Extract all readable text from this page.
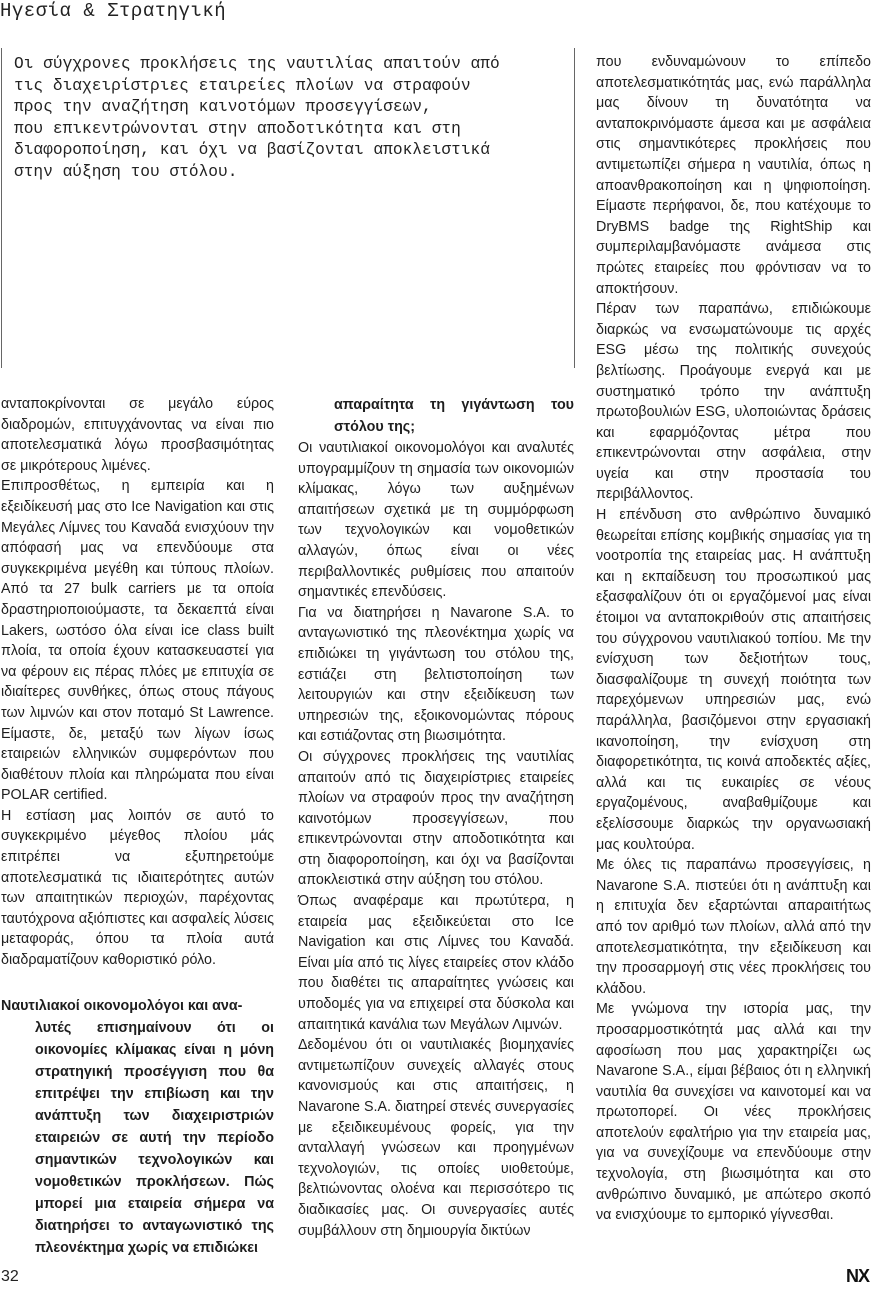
Ηγεσία & Στρατηγική

Οι σύγχρονες προκλήσεις της ναυτιλίας απαιτούν από

τις διαχειρίστριες εταιρείες πλοίων να στραφούν

προς την αναζήτηση καινοτόμων προσεγγίσεων,

που επικεντρώνονται στην αποδοτικότητα και στη

διαφοροποίηση, και όχι να βασίζονται αποκλειστικά

στην αύξηση του στόλου.

ανταποκρίνονται σε μεγάλο εύρος διαδρομών, επιτυγχάνοντας να είναι πιο αποτελεσματικά λόγω προσβασιμότητας σε μικρότερους λιμένες.

Επιπροσθέτως, η εμπειρία και η εξειδίκευσή μας στο Ice Navigation και στις Μεγάλες Λίμνες του Καναδά ενισχύουν την απόφασή μας να επενδύουμε στα συγκεκριμένα μεγέθη και τύπους πλοίων. Από τα 27 bulk carriers με τα οποία δραστηριοποιούμαστε, τα δεκαεπτά είναι Lakers, ωστόσο όλα είναι ice class built πλοία, τα οποία έχουν κατασκευαστεί για να φέρουν εις πέρας πλόες με επιτυχία σε ιδιαίτερες συνθήκες, όπως στους πάγους των λιμνών και στον ποταμό St Lawrence. Είμαστε, δε, μεταξύ των λίγων ίσως εταιρειών ελληνικών συμφερόντων που διαθέτουν πλοία και πληρώματα που είναι POLAR certified.

Η εστίαση μας λοιπόν σε αυτό το συγκεκριμένο μέγεθος πλοίου μάς επιτρέπει να εξυπηρετούμε αποτελεσματικά τις ιδιαιτερότητες αυτών των απαιτητικών περιοχών, παρέχοντας ταυτόχρονα αξιόπιστες και ασφαλείς λύσεις μεταφοράς, όπου τα πλοία αυτά διαδραματίζουν καθοριστικό ρόλο.

Ναυτιλιακοί οικονομολόγοι και ανα-
λυτές επισημαίνουν ότι οι οικονομίες κλίμακας είναι η μόνη στρατηγική προσέγγιση που θα επιτρέψει την επιβίωση και την ανάπτυξη των διαχειριστριών εταιρειών σε αυτή την περίοδο σημαντικών τεχνολογικών και νομοθετικών προκλήσεων. Πώς μπορεί μια εταιρεία σήμερα να διατηρήσει το ανταγωνιστικό της πλεονέκτημα χωρίς να επιδιώκει
απαραίτητα τη γιγάντωση του στόλου της;

Οι ναυτιλιακοί οικονομολόγοι και αναλυτές υπογραμμίζουν τη σημασία των οικονομιών κλίμακας, λόγω των αυξημένων απαιτήσεων σχετικά με τη συμμόρφωση των τεχνολογικών και νομοθετικών αλλαγών, όπως είναι οι νέες περιβαλλοντικές ρυθμίσεις που απαιτούν σημαντικές επενδύσεις.

Για να διατηρήσει η Navarone S.A. το ανταγωνιστικό της πλεονέκτημα χωρίς να επιδιώκει τη γιγάντωση του στόλου της, εστιάζει στη βελτιστοποίηση των λειτουργιών και στην εξειδίκευση των υπηρεσιών της, εξοικονομώντας πόρους και εστιάζοντας στη βιωσιμότητα.

Οι σύγχρονες προκλήσεις της ναυτιλίας απαιτούν από τις διαχειρίστριες εταιρείες πλοίων να στραφούν προς την αναζήτηση καινοτόμων προσεγγίσεων, που επικεντρώνονται στην αποδοτικότητα και στη διαφοροποίηση, και όχι να βασίζονται αποκλειστικά στην αύξηση του στόλου.

Όπως αναφέραμε και πρωτύτερα, η εταιρεία μας εξειδικεύεται στο Ice Navigation και στις Λίμνες του Καναδά. Είναι μία από τις λίγες εταιρείες στον κλάδο που διαθέτει τις απαραίτητες γνώσεις και υποδομές για να επιχειρεί στα δύσκολα και απαιτητικά κανάλια των Μεγάλων Λιμνών.

Δεδομένου ότι οι ναυτιλιακές βιομηχανίες αντιμετωπίζουν συνεχείς αλλαγές στους κανονισμούς και στις απαιτήσεις, η Navarone S.A. διατηρεί στενές συνεργασίες με εξειδικευμένους φορείς, για την ανταλλαγή γνώσεων και προηγμένων τεχνολογιών, τις οποίες υιοθετούμε, βελτιώνοντας ολοένα και περισσότερο τις διαδικασίες μας. Οι συνεργασίες αυτές συμβάλλουν στη δημιουργία δικτύων

που ενδυναμώνουν το επίπεδο αποτελεσματικότητάς μας, ενώ παράλληλα μας δίνουν τη δυνατότητα να ανταποκρινόμαστε άμεσα και με ασφάλεια στις σημαντικότερες προκλήσεις που αντιμετωπίζει σήμερα η ναυτιλία, όπως η απoανθρακοποίηση και η ψηφιοποίηση. Είμαστε περήφανοι, δε, που κατέχουμε το DryBMS badge της RightShip και συμπεριλαμβανόμαστε ανάμεσα στις πρώτες εταιρείες που φρόντισαν να το αποκτήσουν.

Πέραν των παραπάνω, επιδιώκουμε διαρκώς να ενσωματώνουμε τις αρχές ESG μέσω της πολιτικής συνεχούς βελτίωσης. Προάγουμε ενεργά και με συστηματικό τρόπο την ανάπτυξη πρωτοβουλιών ESG, υλοποιώντας δράσεις και εφαρμόζοντας μέτρα που επικεντρώνονται στην ασφάλεια, στην υγεία και στην προστασία του περιβάλλοντος.

Η επένδυση στο ανθρώπινο δυναμικό θεωρείται επίσης κομβικής σημασίας για τη νοοτροπία της εταιρείας μας. Η ανάπτυξη και η εκπαίδευση του προσωπικού μας εξασφαλίζουν ότι οι εργαζόμενοί μας είναι έτοιμοι να ανταποκριθούν στις απαιτήσεις του σύγχρονου ναυτιλιακού τοπίου. Με την ενίσχυση των δεξιοτήτων τους, διασφαλίζουμε τη συνεχή ποιότητα των παρεχόμενων υπηρεσιών μας, ενώ παράλληλα, βασιζόμενοι στην εργασιακή ικανοποίηση, την ενίσχυση στη διαφορετικότητα, τις κοινά αποδεκτές αξίες, αλλά και τις ευκαιρίες σε νέους εργαζομένους, αναβαθμίζουμε και εξελίσσουμε διαρκώς την οργανωσιακή μας κουλτούρα.

Με όλες τις παραπάνω προσεγγίσεις, η Navarone S.A. πιστεύει ότι η ανάπτυξη και η επιτυχία δεν εξαρτώνται απαραιτήτως από τον αριθμό των πλοίων, αλλά από την αποτελεσματικότητα, την εξειδίκευση και την προσαρμογή στις νέες προκλήσεις του κλάδου.

Με γνώμονα την ιστορία μας, την προσαρμοστικότητά μας αλλά και την αφοσίωση που μας χαρακτηρίζει ως Navarone S.A., είμαι βέβαιος ότι η ελληνική ναυτιλία θα συνεχίσει να καινοτομεί και να πρωτοπορεί. Οι νέες προκλήσεις αποτελούν εφαλτήριο για την εταιρεία μας, για να συνεχίζουμε να επενδύουμε στην τεχνολογία, στη βιωσιμότητα και στο ανθρώπινο δυναμικό, με απώτερο σκοπό να ενισχύουμε το εμπορικό γίγνεσθαι.

32	NX
